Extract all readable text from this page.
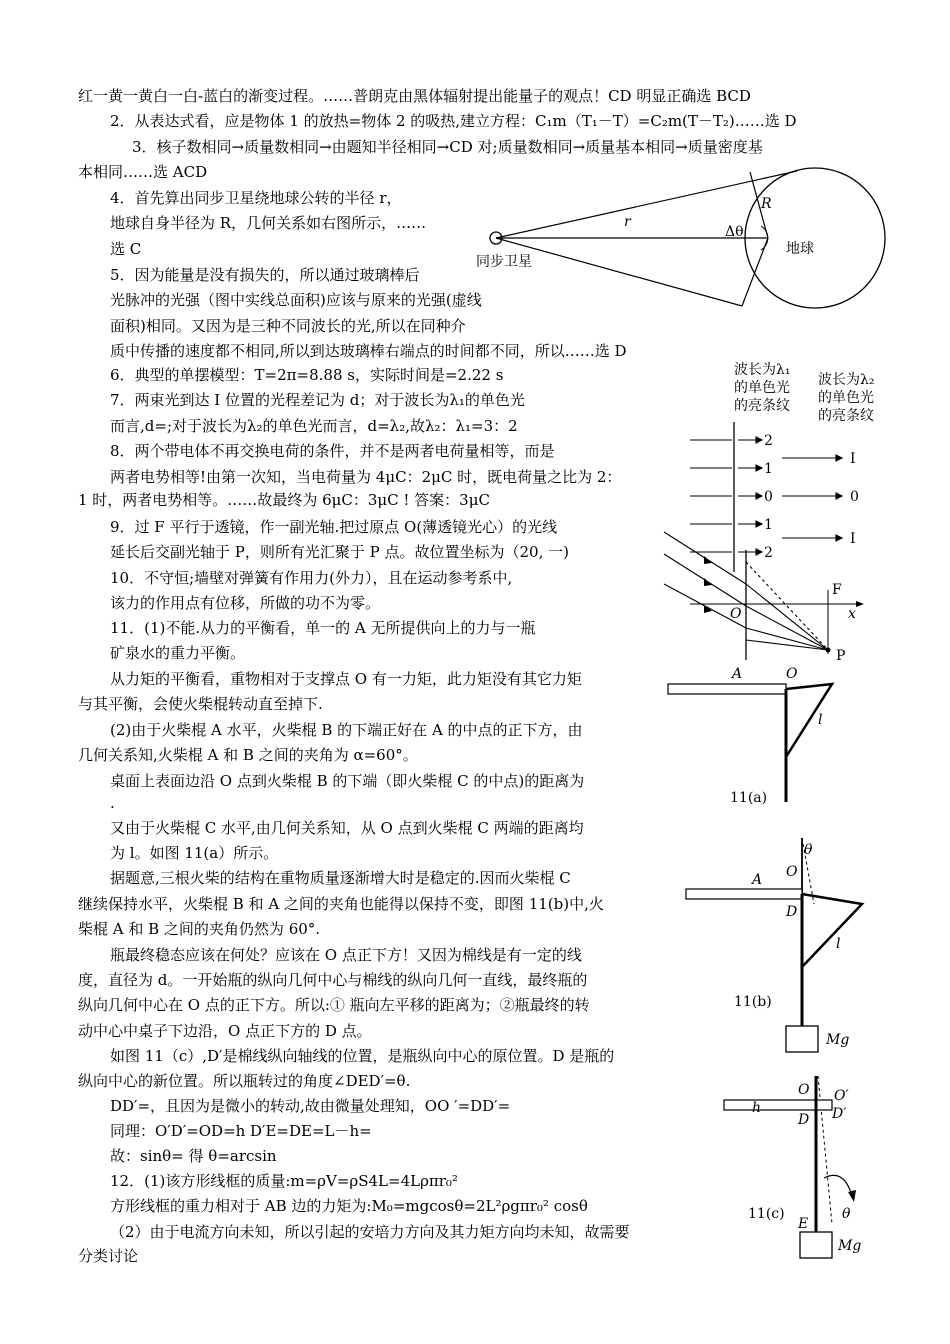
红一黄一黄白一白-蓝白的渐变过程。……普朗克由黑体辐射提出能量子的观点！CD 明显正确选 BCD
2．从表达式看，应是物体 1 的放热=物体 2 的吸热,建立方程：C₁m（T₁－T）=C₂m(T－T₂)……选 D
3．核子数相同→质量数相同→由题知半径相同→CD 对;质量数相同→质量基本相同→质量密度基
本相同……选 ACD
4．首先算出同步卫星绕地球公转的半径 r，
地球自身半径为 R，几何关系如右图所示，……
选 C
5．因为能量是没有损失的，所以通过玻璃棒后
光脉冲的光强（图中实线总面积)应该与原来的光强(虚线
面积)相同。又因为是三种不同波长的光,所以在同种介
质中传播的速度都不相同,所以到达玻璃棒右端点的时间都不同，所以……选 D
6．典型的单摆模型：T=2π=8.88 s，实际时间是=2.22 s
7．两束光到达 I 位置的光程差记为 d；对于波长为λ₁的单色光
而言,d=;对于波长为λ₂的单色光而言，d=λ₂,故λ₂：λ₁=3：2
8．两个带电体不再交换电荷的条件，并不是两者电荷量相等，而是
两者电势相等!由第一次知，当电荷量为 4μC：2μC 时，既电荷量之比为 2：
1 时，两者电势相等。……故最终为 6μC：3μC ! 答案：3μC
9．过 F 平行于透镜，作一副光轴.把过原点 O(薄透镜光心）的光线
延长后交副光轴于 P，则所有光汇聚于 P 点。故位置坐标为（20, 一)
10．不守恒;墙壁对弹簧有作用力(外力），且在运动参考系中,
该力的作用点有位移，所做的功不为零。
11．(1)不能.从力的平衡看，单一的 A 无所提供向上的力与一瓶
矿泉水的重力平衡。
从力矩的平衡看，重物相对于支撑点 O 有一力矩，此力矩没有其它力矩
与其平衡，会使火柴棍转动直至掉下.
(2)由于火柴棍 A 水平，火柴棍 B 的下端正好在 A 的中点的正下方，由
几何关系知,火柴棍 A 和 B 之间的夹角为 α=60°。
桌面上表面边沿 O 点到火柴棍 B 的下端（即火柴棍 C 的中点)的距离为
.
又由于火柴棍 C 水平,由几何关系知，从 O 点到火柴棍 C 两端的距离均
为 l。如图 11(a）所示。
据题意,三根火柴的结构在重物质量逐渐增大时是稳定的.因而火柴棍 C
继续保持水平，火柴棍 B 和 A 之间的夹角也能得以保持不变，即图 11(b)中,火
柴棍 A 和 B 之间的夹角仍然为 60°.
瓶最终稳态应该在何处？应该在 O 点正下方！又因为棉线是有一定的线
度，直径为 d。一开始瓶的纵向几何中心与棉线的纵向几何一直线，最终瓶的
纵向几何中心在 O 点的正下方。所以:① 瓶向左平移的距离为；②瓶最终的转
动中心中桌子下边沿，O 点正下方的 D 点。
如图 11（c）,D′是棉线纵向轴线的位置，是瓶纵向中心的原位置。D 是瓶的
纵向中心的新位置。所以瓶转过的角度∠DED′=θ.
DD′=，且因为是微小的转动,故由微量处理知，OO ′=DD′=
同理：O′D′=OD=h D′E=DE=L－h=
故：sinθ= 得 θ=arcsin
12．(1)该方形线框的质量:m=ρV=ρS4L=4Lρπr₀²
方形线框的重力相对于 AB 边的力矩为:M₀=mgcosθ=2L²ρgπr₀² cosθ
（2）由于电流方向未知，所以引起的安培力方向及其力矩方向均未知，故需要
分类讨论
r
R
Δθ
地球
同步卫星
波长为λ₁
的单色光
的亮条纹
波长为λ₂
的单色光
的亮条纹
2
1
0
1
2
I
0
I
F
x
O
P
A	O
l
11(a)
θ
A O
D
l
11(b)
Mg
O O′
h
D D′
11(c)	θ
E
Mg
